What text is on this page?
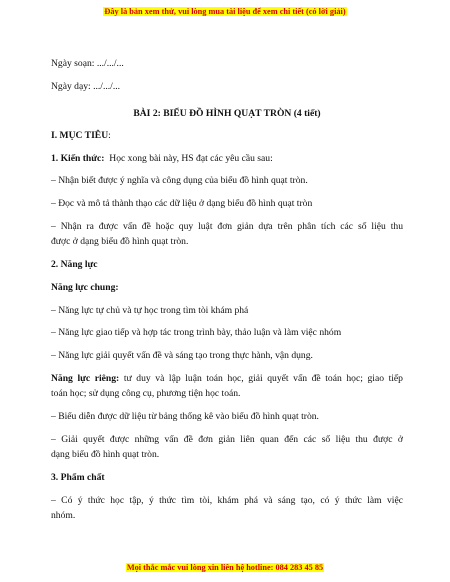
Đây là bản xem thử, vui lòng mua tài liệu để xem chi tiết (có lời giải)
Ngày soạn: .../.../...
Ngày dạy: .../.../...
BÀI 2: BIỂU ĐỒ HÌNH QUẠT TRÒN (4 tiết)
I. MỤC TIÊU:
1. Kiến thức: Học xong bài này, HS đạt các yêu cầu sau:
– Nhận biết được ý nghĩa và công dụng của biểu đồ hình quạt tròn.
– Đọc và mô tả thành thạo các dữ liệu ở dạng biểu đồ hình quạt tròn
– Nhận ra được vấn đề hoặc quy luật đơn giản dựa trên phân tích các số liệu thu
được ở dạng biểu đồ hình quạt tròn.
2. Năng lực
Năng lực chung:
– Năng lực tự chủ và tự học trong tìm tòi khám phá
– Năng lực giao tiếp và hợp tác trong trình bày, thảo luận và làm việc nhóm
– Năng lực giải quyết vấn đề và sáng tạo trong thực hành, vận dụng.
Năng lực riêng: tư duy và lập luận toán học, giải quyết vấn đề toán học; giao tiếp
toán học; sử dụng công cụ, phương tiện học toán.
– Biểu diễn được dữ liệu từ bảng thống kê vào biểu đồ hình quạt tròn.
– Giải quyết được những vấn đề đơn giản liên quan đến các số liệu thu được ở
dạng biểu đồ hình quạt tròn.
3. Phẩm chất
– Có ý thức học tập, ý thức tìm tòi, khám phá và sáng tạo, có ý thức làm việc
nhóm.
Mọi thắc mắc vui lòng xin liên hệ hotline: 084 283 45 85
